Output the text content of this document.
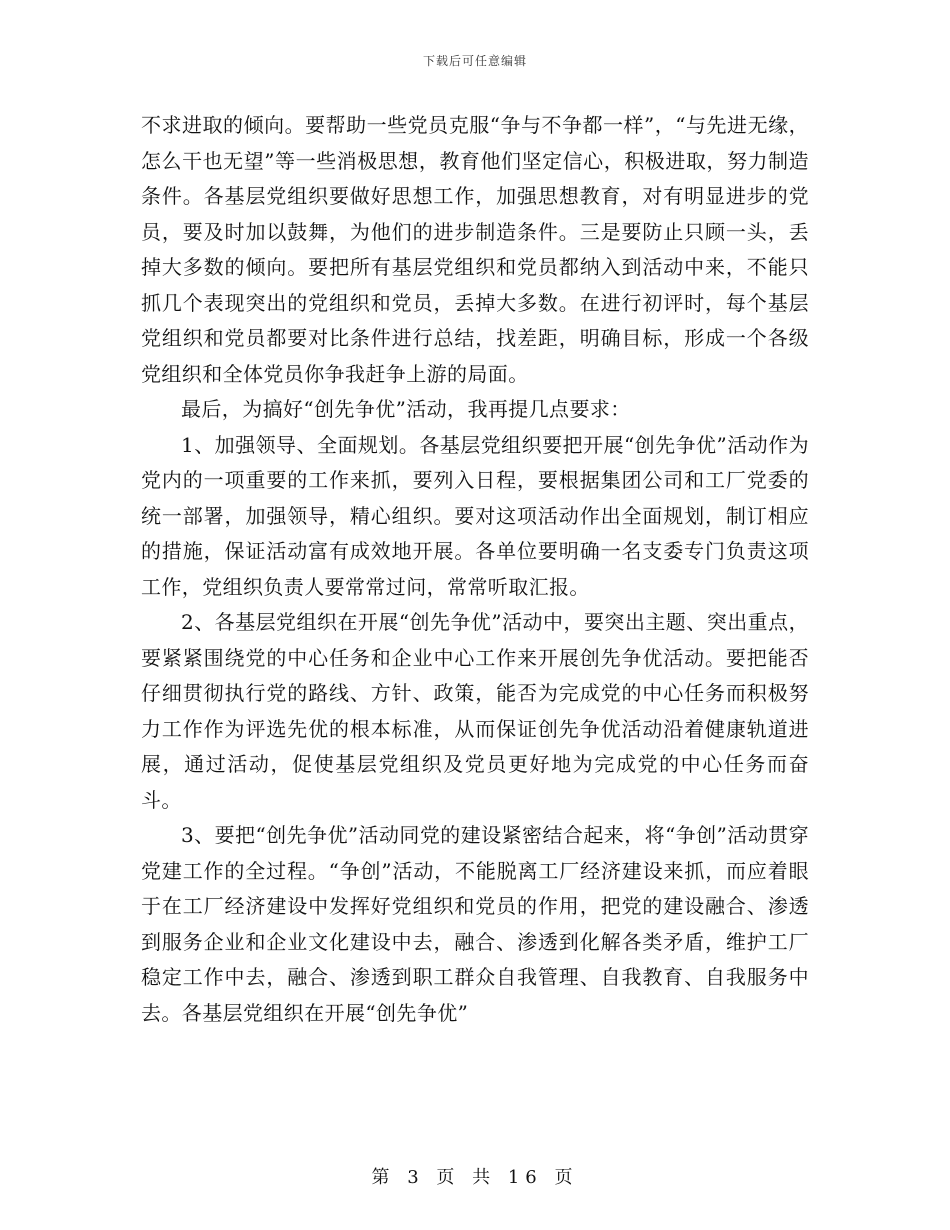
下载后可任意编辑

不求进取的倾向。要帮助一些党员克服“争与不争都一样”，“与先进无缘，怎么干也无望”等一些消极思想，教育他们坚定信心，积极进取，努力制造条件。各基层党组织要做好思想工作，加强思想教育，对有明显进步的党员，要及时加以鼓舞，为他们的进步制造条件。三是要防止只顾一头，丢掉大多数的倾向。要把所有基层党组织和党员都纳入到活动中来，不能只抓几个表现突出的党组织和党员，丢掉大多数。在进行初评时，每个基层党组织和党员都要对比条件进行总结，找差距，明确目标，形成一个各级党组织和全体党员你争我赶争上游的局面。

最后，为搞好“创先争优”活动，我再提几点要求：

1、加强领导、全面规划。各基层党组织要把开展“创先争优”活动作为党内的一项重要的工作来抓，要列入日程，要根据集团公司和工厂党委的统一部署，加强领导，精心组织。要对这项活动作出全面规划，制订相应的措施，保证活动富有成效地开展。各单位要明确一名支委专门负责这项工作，党组织负责人要常常过问，常常听取汇报。

2、各基层党组织在开展“创先争优”活动中，要突出主题、突出重点，要紧紧围绕党的中心任务和企业中心工作来开展创先争优活动。要把能否仔细贯彻执行党的路线、方针、政策，能否为完成党的中心任务而积极努力工作作为评选先优的根本标准，从而保证创先争优活动沿着健康轨道进展，通过活动，促使基层党组织及党员更好地为完成党的中心任务而奋斗。

3、要把“创先争优”活动同党的建设紧密结合起来，将“争创”活动贯穿党建工作的全过程。“争创”活动，不能脱离工厂经济建设来抓，而应着眼于在工厂经济建设中发挥好党组织和党员的作用，把党的建设融合、渗透到服务企业和企业文化建设中去，融合、渗透到化解各类矛盾，维护工厂稳定工作中去，融合、渗透到职工群众自我管理、自我教育、自我服务中去。各基层党组织在开展“创先争优”

第 3 页 共 16 页
